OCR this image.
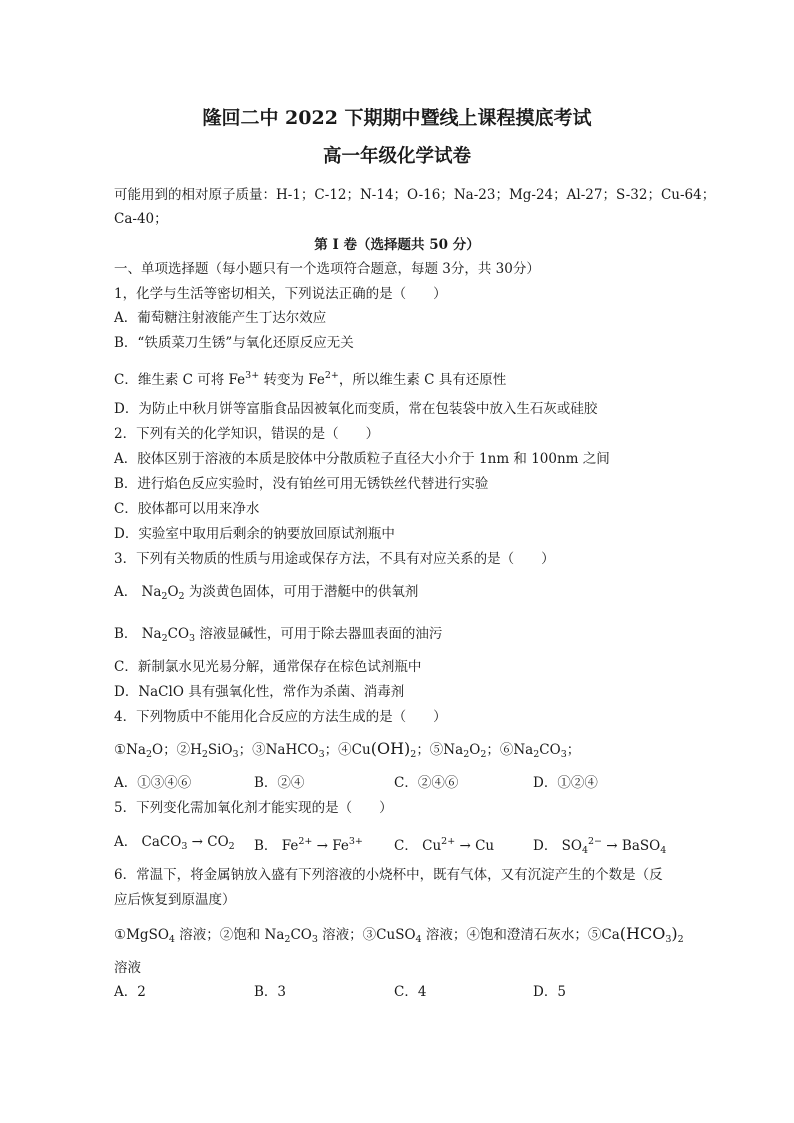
隆回二中 2022 下期期中暨线上课程摸底考试
高一年级化学试卷
可能用到的相对原子质量：H-1；C-12；N-14；O-16；Na-23；Mg-24；Al-27；S-32；Cu-64；
Ca-40；
第 I 卷（选择题共 50 分）
一、单项选择题（每小题只有一个选项符合题意，每题 3分，共 30分）
1，化学与生活等密切相关，下列说法正确的是（　　）
A．葡萄糖注射液能产生丁达尔效应
B．“铁质菜刀生锈”与氧化还原反应无关
C．维生素 C 可将 $Fe^{3+}$ 转变为 $Fe^{2+}$，所以维生素 C 具有还原性
D．为防止中秋月饼等富脂食品因被氧化而变质，常在包装袋中放入生石灰或硅胶
2．下列有关的化学知识，错误的是（　　）
A．胶体区别于溶液的本质是胶体中分散质粒子直径大小介于 1nm 和 100nm 之间
B．进行焰色反应实验时，没有铂丝可用无锈铁丝代替进行实验
C．胶体都可以用来净水
D．实验室中取用后剩余的钠要放回原试剂瓶中
3．下列有关物质的性质与用途或保存方法，不具有对应关系的是（　　）
A． $Na_2O_2$ 为淡黄色固体，可用于潜艇中的供氧剂
B． $Na_2CO_3$ 溶液显碱性，可用于除去器皿表面的油污
C．新制氯水见光易分解，通常保存在棕色试剂瓶中
D．NaClO 具有强氧化性，常作为杀菌、消毒剂
4．下列物质中不能用化合反应的方法生成的是（　　）
$①Na_2O$；$②H_2SiO_3$；③NaHCO$_3$；$④Cu(OH)_2$；$⑤Na_2O_2$；$⑥Na_2CO_3$；
A．①③④⑥	B．②④	C．②④⑥	D．①②④
5．下列变化需加氧化剂才能实现的是（　　）
A． CaCO$_3$ → $CO_2$ B． $Fe^{2+} \to Fe^{3+}$ C． $Cu^{2+} \to Cu$	D． $SO_4^{2-}$ → BaSO$_4$
6．常温下，将金属钠放入盛有下列溶液的小烧杯中，既有气体，又有沉淀产生的个数是（反
应后恢复到原温度）
①MgSO$_4$ 溶液；②饱和 $Na_2CO_3$ 溶液；③CuSO$_4$ 溶液；④饱和澄清石灰水；$⑤Ca(HCO_3)_2$
溶液
A．2	B．3	C．4	D．5
